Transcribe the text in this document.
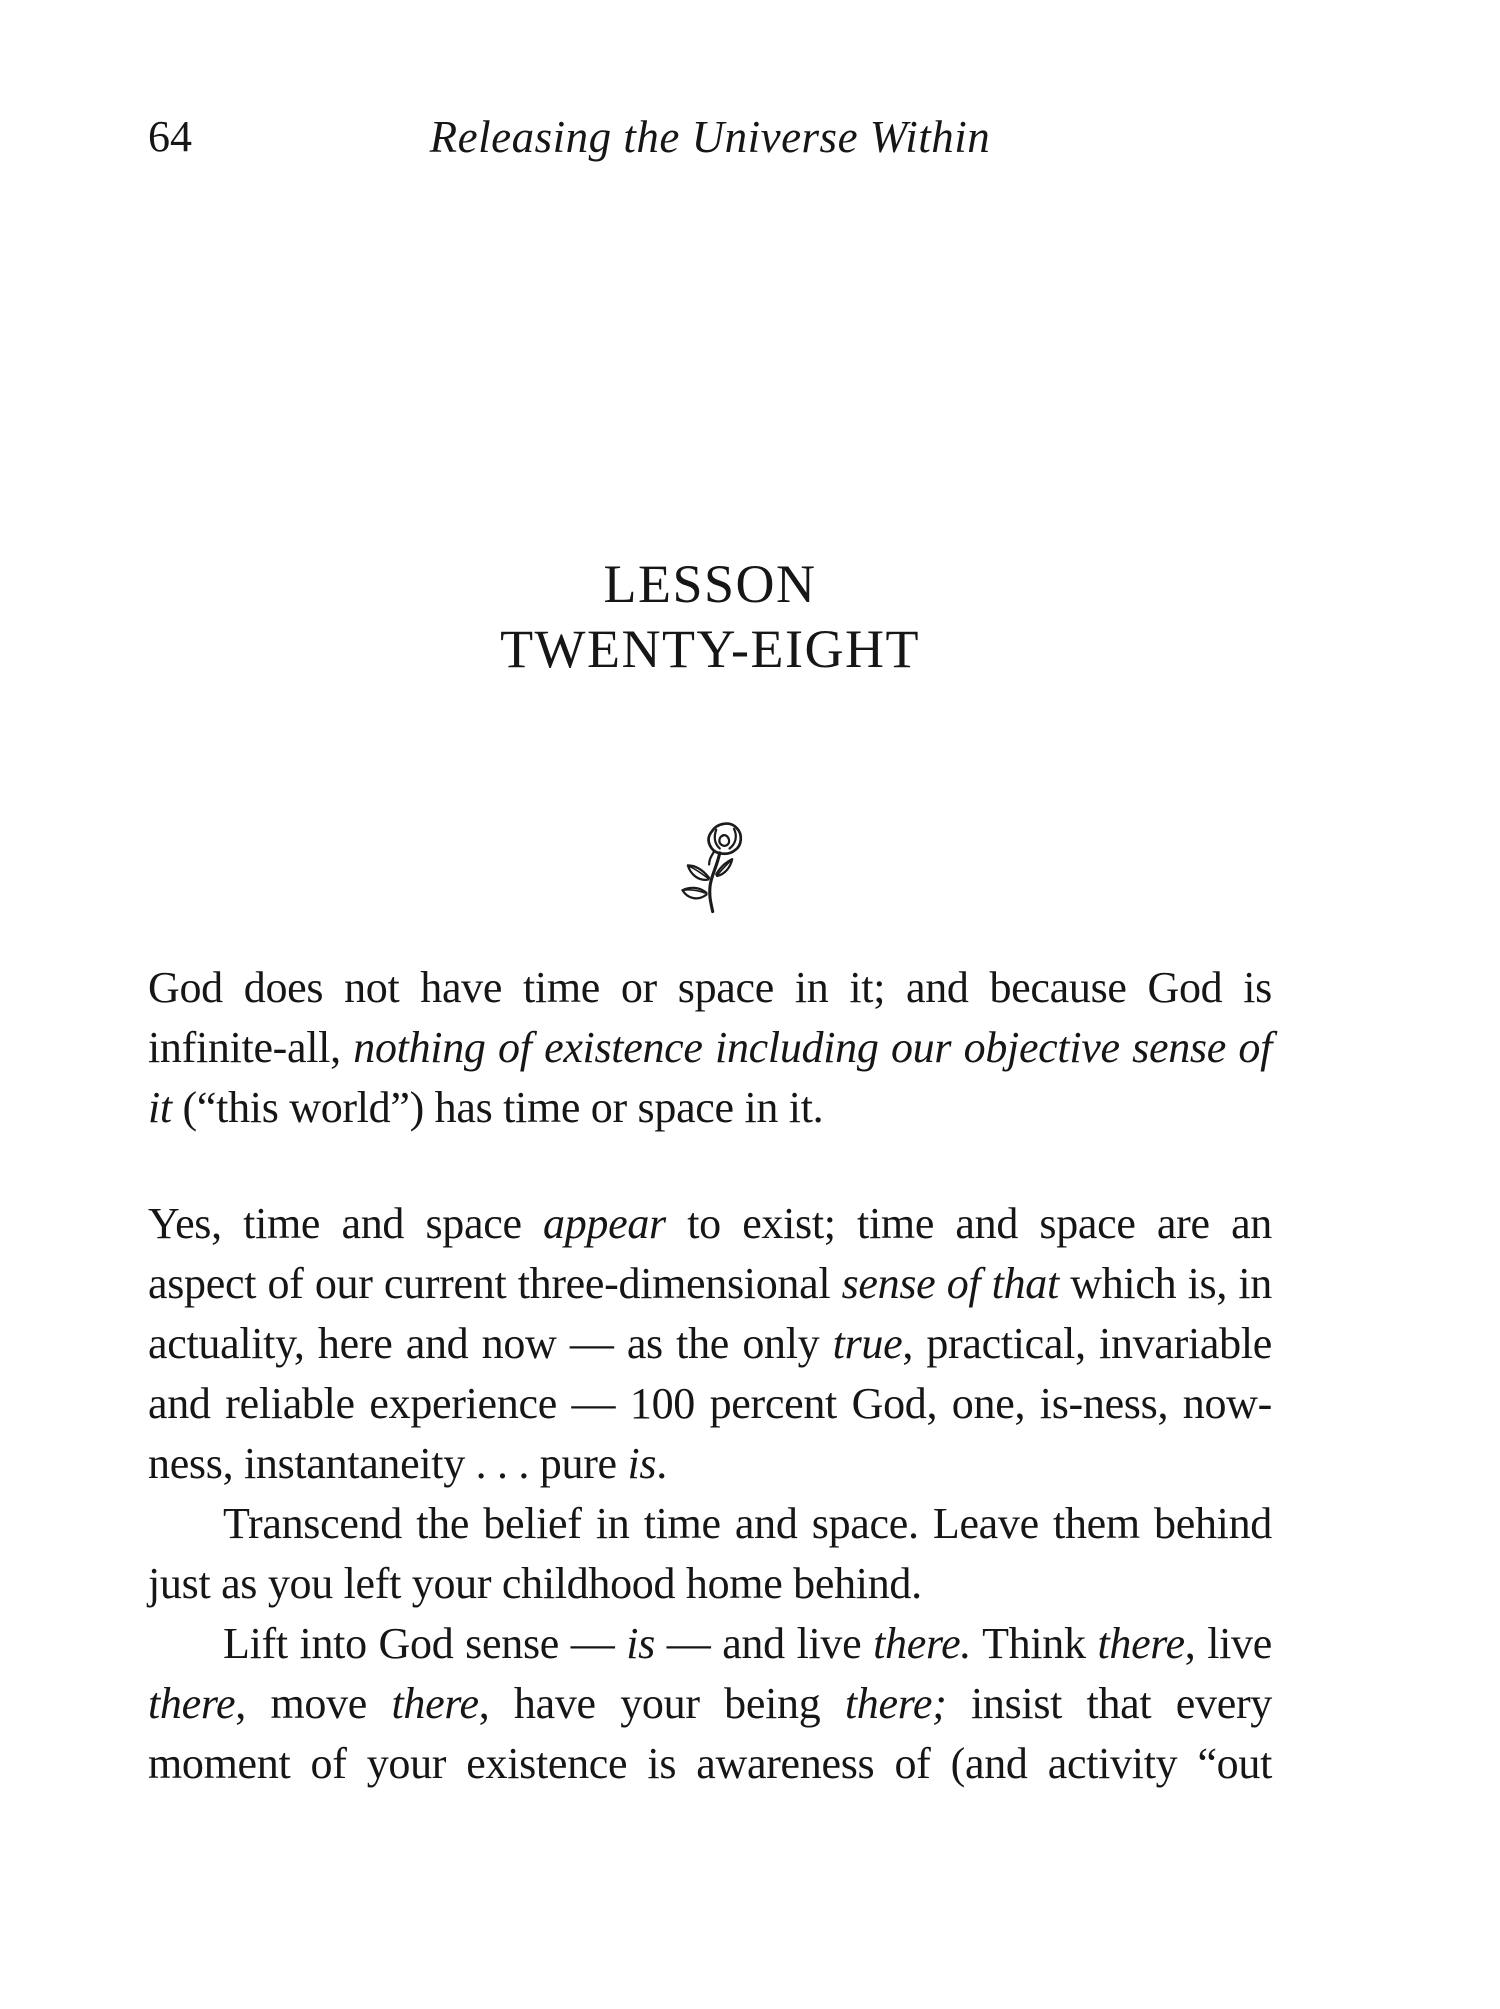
64	Releasing the Universe Within
LESSON
TWENTY-EIGHT

God does not have time or space in it; and because God is infinite-all, nothing of existence including our objective sense of it (“this world”) has time or space in it.

Yes, time and space appear to exist; time and space are an aspect of our current three-dimensional sense of that which is, in actuality, here and now — as the only true, practical, invariable and reliable experience — 100 percent God, one, is-ness, now-ness, instantaneity . . . pure is.

Transcend the belief in time and space. Leave them behind just as you left your childhood home behind.

Lift into God sense — is — and live there. Think there, live there, move there, have your being there; insist that every moment of your existence is awareness of (and activity “out
